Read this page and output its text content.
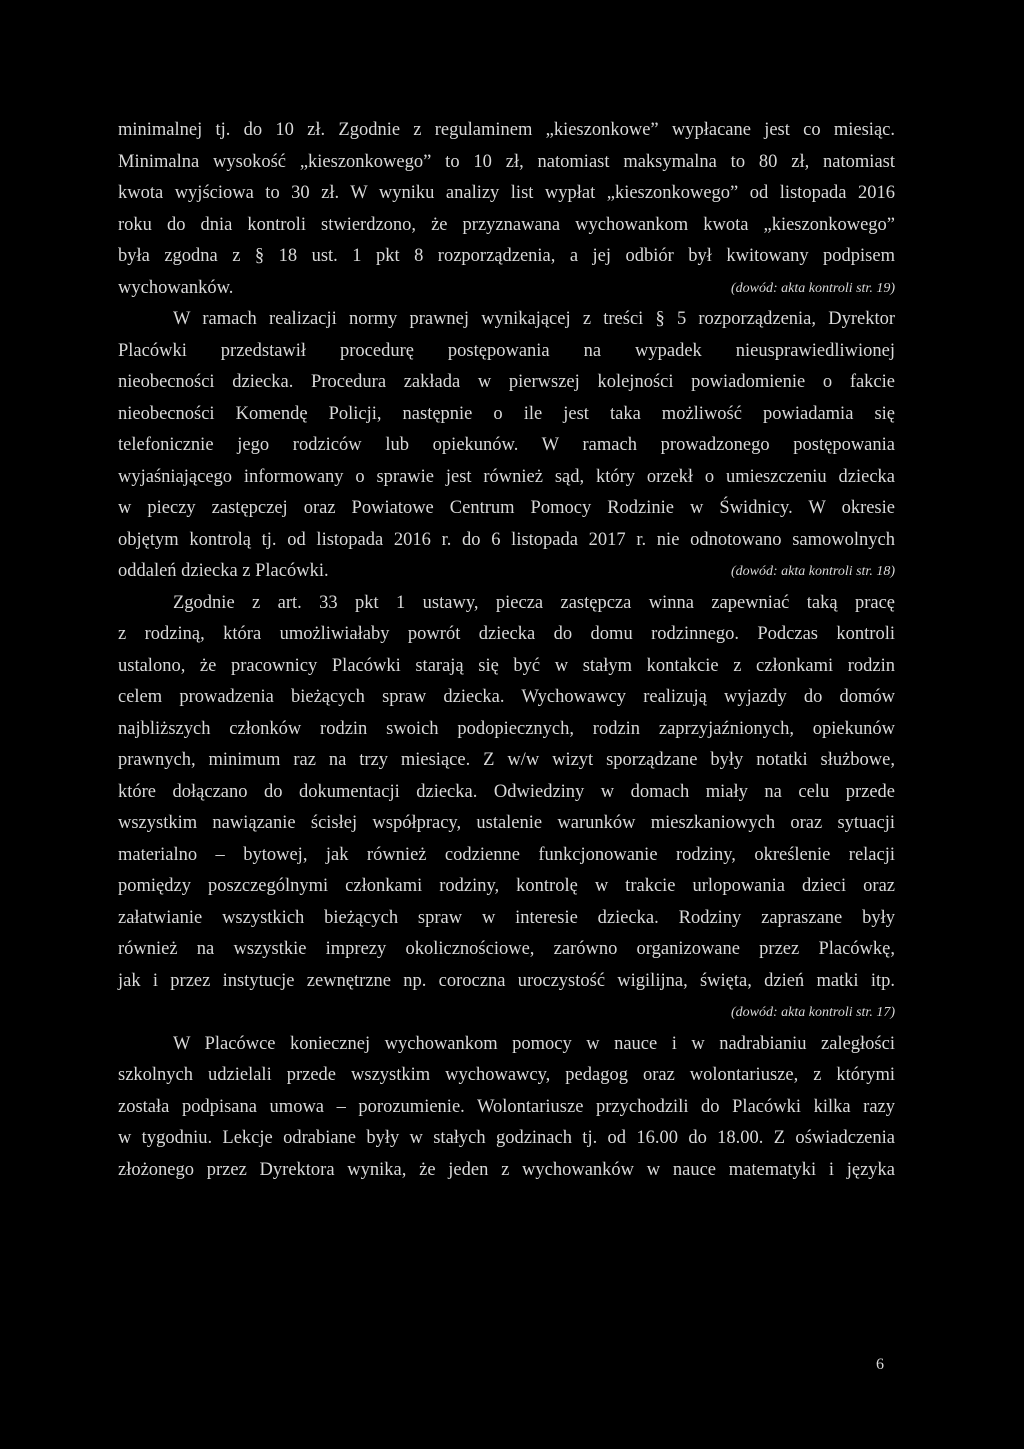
minimalnej tj. do 10 zł. Zgodnie z regulaminem „kieszonkowe” wypłacane jest co miesiąc.
Minimalna wysokość „kieszonkowego” to 10 zł, natomiast maksymalna to 80 zł, natomiast
kwota wyjściowa to 30 zł. W wyniku analizy list wypłat „kieszonkowego” od listopada 2016
roku do dnia kontroli stwierdzono, że przyznawana wychowankom kwota „kieszonkowego”
była zgodna z § 18 ust. 1 pkt 8 rozporządzenia, a jej odbiór był kwitowany podpisem
wychowanków.	(dowód: akta kontroli str. 19)
W ramach realizacji normy prawnej wynikającej z treści § 5 rozporządzenia, Dyrektor
Placówki przedstawił procedurę postępowania na wypadek nieusprawiedliwionej
nieobecności dziecka. Procedura zakłada w pierwszej kolejności powiadomienie o fakcie
nieobecności Komendę Policji, następnie o ile jest taka możliwość powiadamia się
telefonicznie jego rodziców lub opiekunów. W ramach prowadzonego postępowania
wyjaśniającego informowany o sprawie jest również sąd, który orzekł o umieszczeniu dziecka
w pieczy zastępczej oraz Powiatowe Centrum Pomocy Rodzinie w Świdnicy. W okresie
objętym kontrolą tj. od listopada 2016 r. do 6 listopada 2017 r. nie odnotowano samowolnych
oddaleń dziecka z Placówki.	(dowód: akta kontroli str. 18)
Zgodnie z art. 33 pkt 1 ustawy, piecza zastępcza winna zapewniać taką pracę
z rodziną, która umożliwiałaby powrót dziecka do domu rodzinnego. Podczas kontroli
ustalono, że pracownicy Placówki starają się być w stałym kontakcie z członkami rodzin
celem prowadzenia bieżących spraw dziecka. Wychowawcy realizują wyjazdy do domów
najbliższych członków rodzin swoich podopiecznych, rodzin zaprzyjaźnionych, opiekunów
prawnych, minimum raz na trzy miesiące. Z w/w wizyt sporządzane były notatki służbowe,
które dołączano do dokumentacji dziecka. Odwiedziny w domach miały na celu przede
wszystkim nawiązanie ścisłej współpracy, ustalenie warunków mieszkaniowych oraz sytuacji
materialno – bytowej, jak również codzienne funkcjonowanie rodziny, określenie relacji
pomiędzy poszczególnymi członkami rodziny, kontrolę w trakcie urlopowania dzieci oraz
załatwianie wszystkich bieżących spraw w interesie dziecka. Rodziny zapraszane były
również na wszystkie imprezy okolicznościowe, zarówno organizowane przez Placówkę,
jak i przez instytucje zewnętrzne np. coroczna uroczystość wigilijna, święta, dzień matki itp.
(dowód: akta kontroli str. 17)
W Placówce koniecznej wychowankom pomocy w nauce i w nadrabianiu zaległości
szkolnych udzielali przede wszystkim wychowawcy, pedagog oraz wolontariusze, z którymi
została podpisana umowa – porozumienie. Wolontariusze przychodzili do Placówki kilka razy
w tygodniu. Lekcje odrabiane były w stałych godzinach tj. od 16.00 do 18.00. Z oświadczenia
złożonego przez Dyrektora wynika, że jeden z wychowanków w nauce matematyki i języka
6
